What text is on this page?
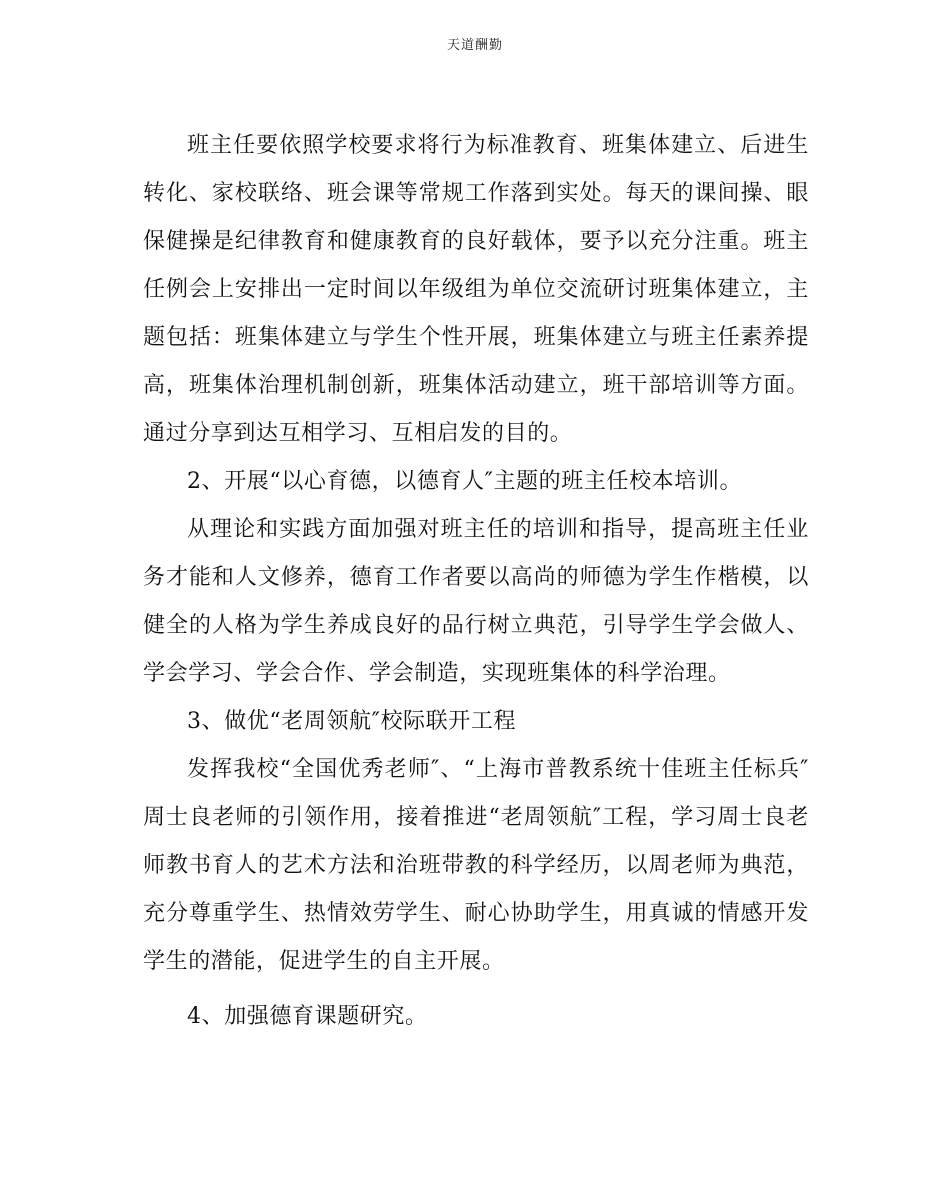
天道酬勤

班主任要依照学校要求将行为标准教育、班集体建立、后进生转化、家校联络、班会课等常规工作落到实处。每天的课间操、眼保健操是纪律教育和健康教育的良好载体，要予以充分注重。班主任例会上安排出一定时间以年级组为单位交流研讨班集体建立，主题包括：班集体建立与学生个性开展，班集体建立与班主任素养提高，班集体治理机制创新，班集体活动建立，班干部培训等方面。通过分享到达互相学习、互相启发的目的。

2、开展“以心育德，以德育人″主题的班主任校本培训。

从理论和实践方面加强对班主任的培训和指导，提高班主任业务才能和人文修养，德育工作者要以高尚的师德为学生作楷模，以健全的人格为学生养成良好的品行树立典范，引导学生学会做人、学会学习、学会合作、学会制造，实现班集体的科学治理。

3、做优“老周领航″校际联开工程

发挥我校“全国优秀老师″、“上海市普教系统十佳班主任标兵″周士良老师的引领作用，接着推进“老周领航″工程，学习周士良老师教书育人的艺术方法和治班带教的科学经历，以周老师为典范，充分尊重学生、热情效劳学生、耐心协助学生，用真诚的情感开发学生的潜能，促进学生的自主开展。

4、加强德育课题研究。
